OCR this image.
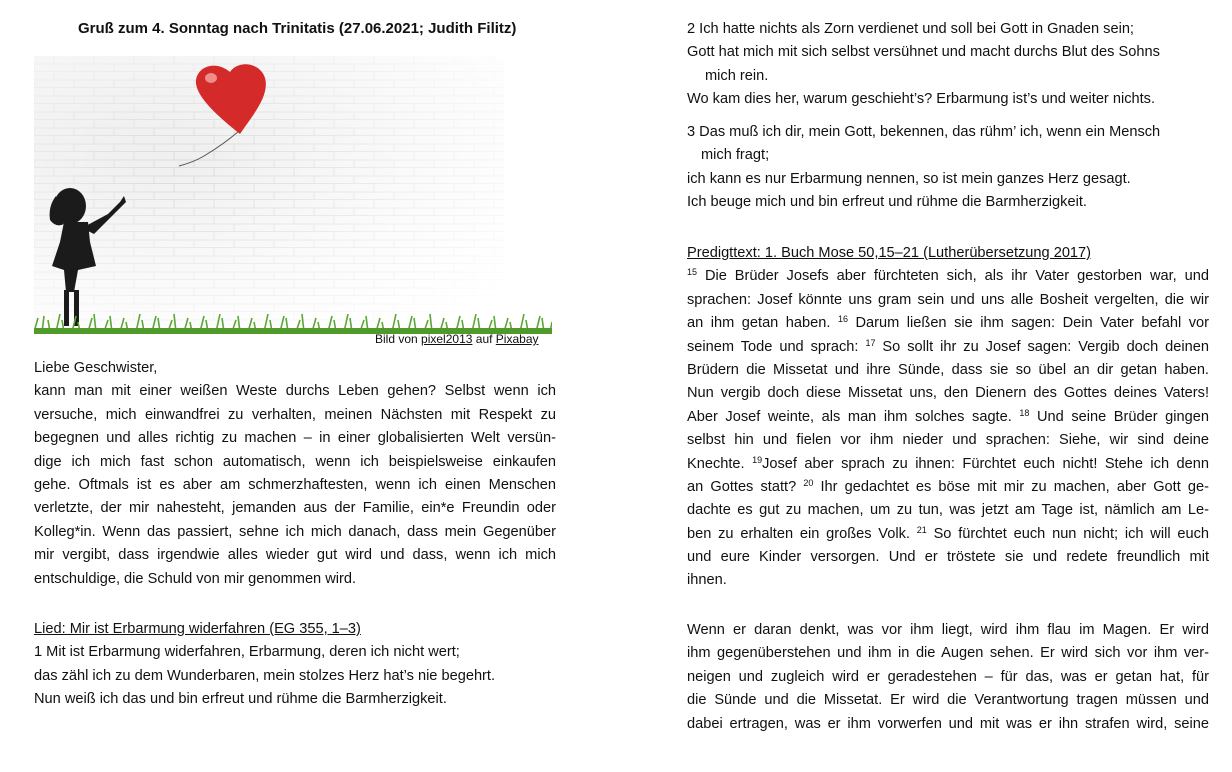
Gruß zum 4. Sonntag nach Trinitatis (27.06.2021; Judith Filitz)
Bild von pixel2013 auf Pixabay
Liebe Geschwister,
kann man mit einer weißen Weste durchs Leben gehen? Selbst wenn ich
versuche, mich einwandfrei zu verhalten, meinen Nächsten mit Respekt zu
begegnen und alles richtig zu machen – in einer globalisierten Welt versün-
dige ich mich fast schon automatisch, wenn ich beispielsweise einkaufen
gehe. Oftmals ist es aber am schmerzhaftesten, wenn ich einen Menschen
verletzte, der mir nahesteht, jemanden aus der Familie, ein*e Freundin oder
Kolleg*in. Wenn das passiert, sehne ich mich danach, dass mein Gegenüber
mir vergibt, dass irgendwie alles wieder gut wird und dass, wenn ich mich
entschuldige, die Schuld von mir genommen wird.
Lied: Mir ist Erbarmung widerfahren (EG 355, 1–3)
1 Mit ist Erbarmung widerfahren, Erbarmung, deren ich nicht wert;
das zähl ich zu dem Wunderbaren, mein stolzes Herz hat’s nie begehrt.
Nun weiß ich das und bin erfreut und rühme die Barmherzigkeit.
2 Ich hatte nichts als Zorn verdienet und soll bei Gott in Gnaden sein;
Gott hat mich mit sich selbst versühnet und macht durchs Blut des Sohns
mich rein.
Wo kam dies her, warum geschieht’s? Erbarmung ist’s und weiter nichts.
3 Das muß ich dir, mein Gott, bekennen, das rühm’ ich, wenn ein Mensch
mich fragt;
ich kann es nur Erbarmung nennen, so ist mein ganzes Herz gesagt.
Ich beuge mich und bin erfreut und rühme die Barmherzigkeit.
Predigttext: 1. Buch Mose 50,15–21 (Lutherübersetzung 2017)
$^{15}$ Die Brüder Josefs aber fürchteten sich, als ihr Vater gestorben war, und
sprachen: Josef könnte uns gram sein und uns alle Bosheit vergelten, die wir
an ihm getan haben. $^{16}$ Darum ließen sie ihm sagen: Dein Vater befahl vor
seinem Tode und sprach: $^{17}$ So sollt ihr zu Josef sagen: Vergib doch deinen
Brüdern die Missetat und ihre Sünde, dass sie so übel an dir getan haben.
Nun vergib doch diese Missetat uns, den Dienern des Gottes deines Vaters!
Aber Josef weinte, als man ihm solches sagte. $^{18}$ Und seine Brüder gingen
selbst hin und fielen vor ihm nieder und sprachen: Siehe, wir sind deine
Knechte. $^{19}$Josef aber sprach zu ihnen: Fürchtet euch nicht! Stehe ich denn
an Gottes statt? $^{20}$ Ihr gedachtet es böse mit mir zu machen, aber Gott ge-
dachte es gut zu machen, um zu tun, was jetzt am Tage ist, nämlich am Le-
ben zu erhalten ein großes Volk. $^{21}$ So fürchtet euch nun nicht; ich will euch
und eure Kinder versorgen. Und er tröstete sie und redete freundlich mit
ihnen.
Wenn er daran denkt, was vor ihm liegt, wird ihm flau im Magen. Er wird
ihm gegenüberstehen und ihm in die Augen sehen. Er wird sich vor ihm ver-
neigen und zugleich wird er geradestehen – für das, was er getan hat, für
die Sünde und die Missetat. Er wird die Verantwortung tragen müssen und
dabei ertragen, was er ihm vorwerfen und mit was er ihn strafen wird, seine
